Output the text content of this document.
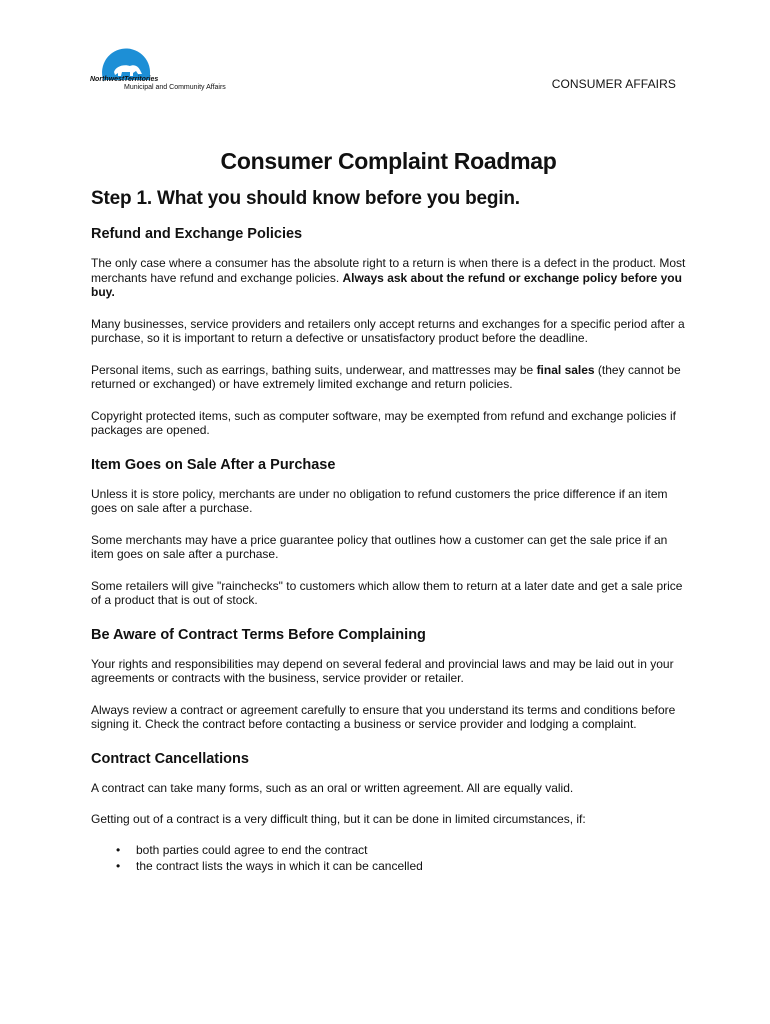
Northwest Territories
Municipal and Community Affairs	CONSUMER AFFAIRS
Consumer Complaint Roadmap
Step 1. What you should know before you begin.
Refund and Exchange Policies

The only case where a consumer has the absolute right to a return is when there is a defect in the product. Most merchants have refund and exchange policies. Always ask about the refund or exchange policy before you buy.

Many businesses, service providers and retailers only accept returns and exchanges for a specific period after a purchase, so it is important to return a defective or unsatisfactory product before the deadline.

Personal items, such as earrings, bathing suits, underwear, and mattresses may be final sales (they cannot be returned or exchanged) or have extremely limited exchange and return policies.

Copyright protected items, such as computer software, may be exempted from refund and exchange policies if packages are opened.

Item Goes on Sale After a Purchase

Unless it is store policy, merchants are under no obligation to refund customers the price difference if an item goes on sale after a purchase.

Some merchants may have a price guarantee policy that outlines how a customer can get the sale price if an item goes on sale after a purchase.

Some retailers will give "rainchecks" to customers which allow them to return at a later date and get a sale price of a product that is out of stock.

Be Aware of Contract Terms Before Complaining

Your rights and responsibilities may depend on several federal and provincial laws and may be laid out in your agreements or contracts with the business, service provider or retailer.

Always review a contract or agreement carefully to ensure that you understand its terms and conditions before signing it. Check the contract before contacting a business or service provider and lodging a complaint.

Contract Cancellations

A contract can take many forms, such as an oral or written agreement. All are equally valid.

Getting out of a contract is a very difficult thing, but it can be done in limited circumstances, if:

• both parties could agree to end the contract
• the contract lists the ways in which it can be cancelled
